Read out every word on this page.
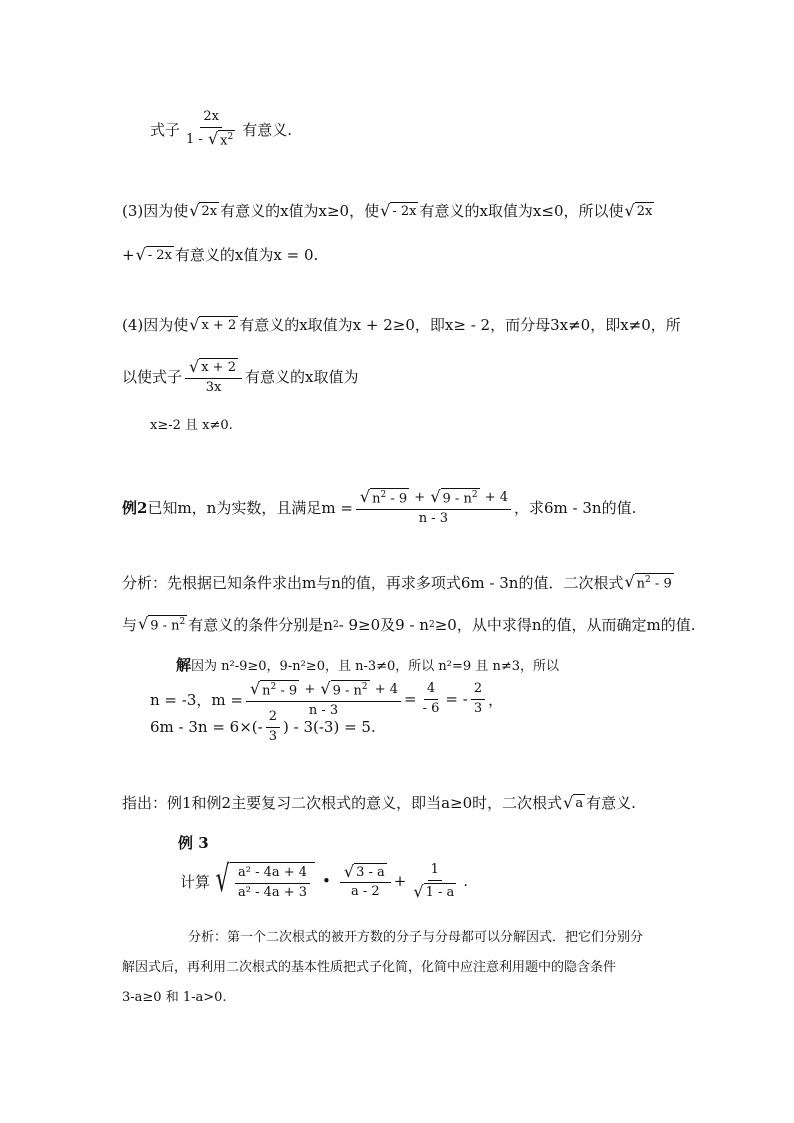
式子 $\frac{2x}{1 - √ x^2}$ 有意义.
(3)因为使 √ 2x 有意义的x值为x≥0，使 √ - 2x 有意义的x取值为x≤0，所以使 √ 2x
+ √ - 2x 有意义的x值为x = 0.
(4)因为使 √ x + 2 有意义的x取值为x + 2≥0，即x≥ - 2，而分母3x≠0，即x≠0，所
以使式子 $\frac{√ x + 2}{3x}$ 有意义的x取值为
x≥-2 且 x≠0.
例2 已知m，n为实数，且满足$m = \frac{√ n^2 - 9 + √ 9 - n^2 + 4}{n - 3}$ ，求6m - 3n的值.
分析：先根据已知条件求出m与n的值，再求多项式6m - 3n的值．二次根式 √ $n^2 - 9$
与 √ $9 - n^2$ 有意义的条件分别是n 2 - 9≥0及9 - n 2 ≥0，从中求得n的值，从而确定m的值.
解 因为 n²-9≥0，9-n²≥0，且 n-3≠0，所以 n²=9 且 n≠3，所以
n = -3，$m = \frac{√ n^2 - 9 + √ 9 - n^2 + 4}{n - 3} = \frac{4}{- 6}$ = - $\frac{2}{3}$ ，
$6m - 3n = 6\times(- \frac{2}{3}$ ) - 3(-3) = 5.
指出：例1和例2主要复习二次根式的意义，即当a≥0时，二次根式 √ a 有意义.
例 3
计算 √ $\frac{\text{a² - 4a + 4}}{\text{a² - 4a + 3}}$ • $\frac{√ 3 - a}{a - 2} + \frac{1}{√ 1 - a}$ .
分析：第一个二次根式的被开方数的分子与分母都可以分解因式．把它们分别分
解因式后，再利用二次根式的基本性质把式子化简，化简中应注意利用题中的隐含条件
3-a≥0 和 1-a>0.
